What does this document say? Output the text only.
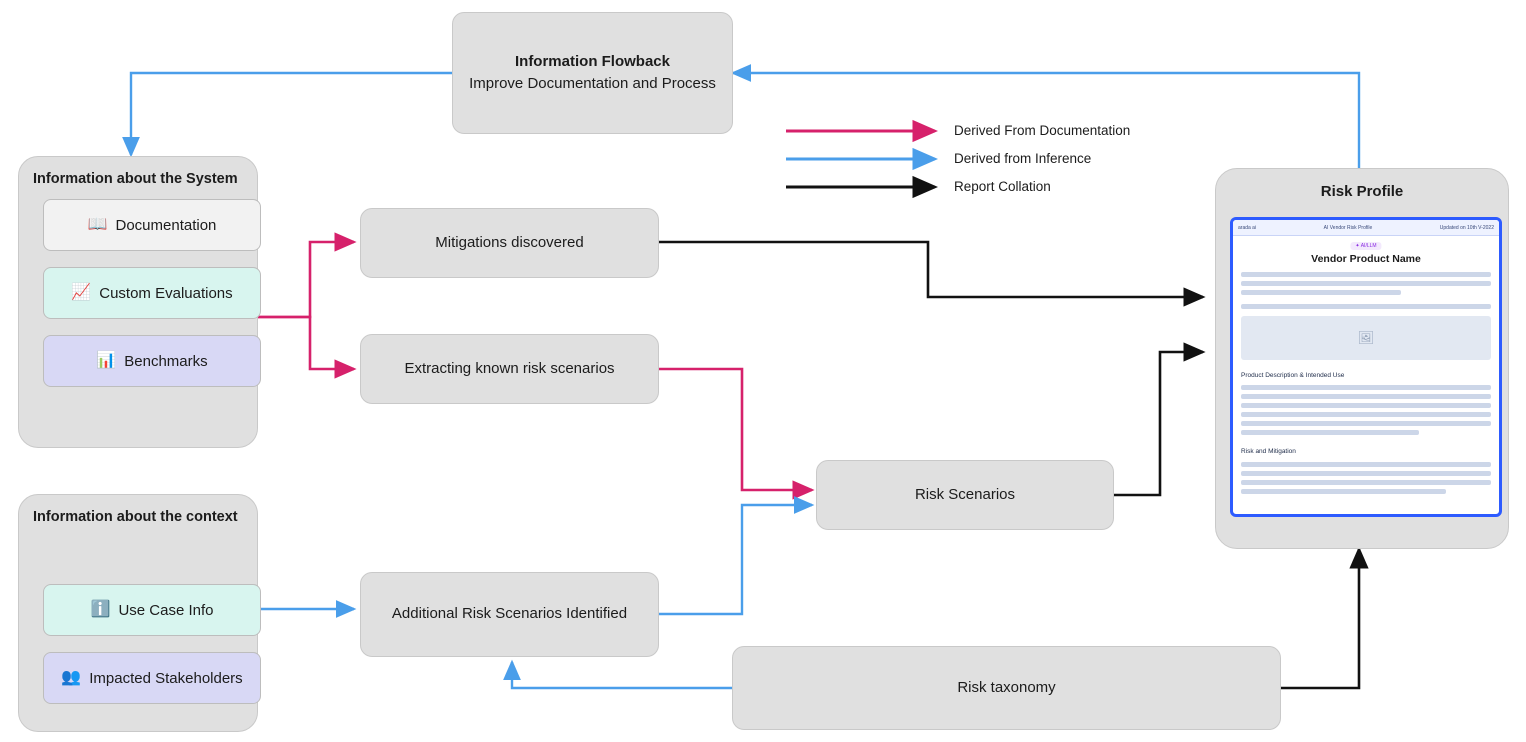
Derived From Documentation
Derived from Inference
Report Collation
Information Flowback
Improve Documentation and Process
Information about the System
📖 Documentation
📈 Custom Evaluations
📊 Benchmarks
Information about the context
ℹ️ Use Case Info
👥 Impacted Stakeholders
Mitigations discovered
Extracting known risk scenarios
Risk Scenarios
Additional Risk Scenarios Identified
Risk taxonomy
Risk Profile
arada ai	AI Vendor Risk Profile	Updated on 10th V-2022
✦ AI/LLM
Vendor Product Name
🖼
Product Description & Intended Use
Risk and Mitigation
